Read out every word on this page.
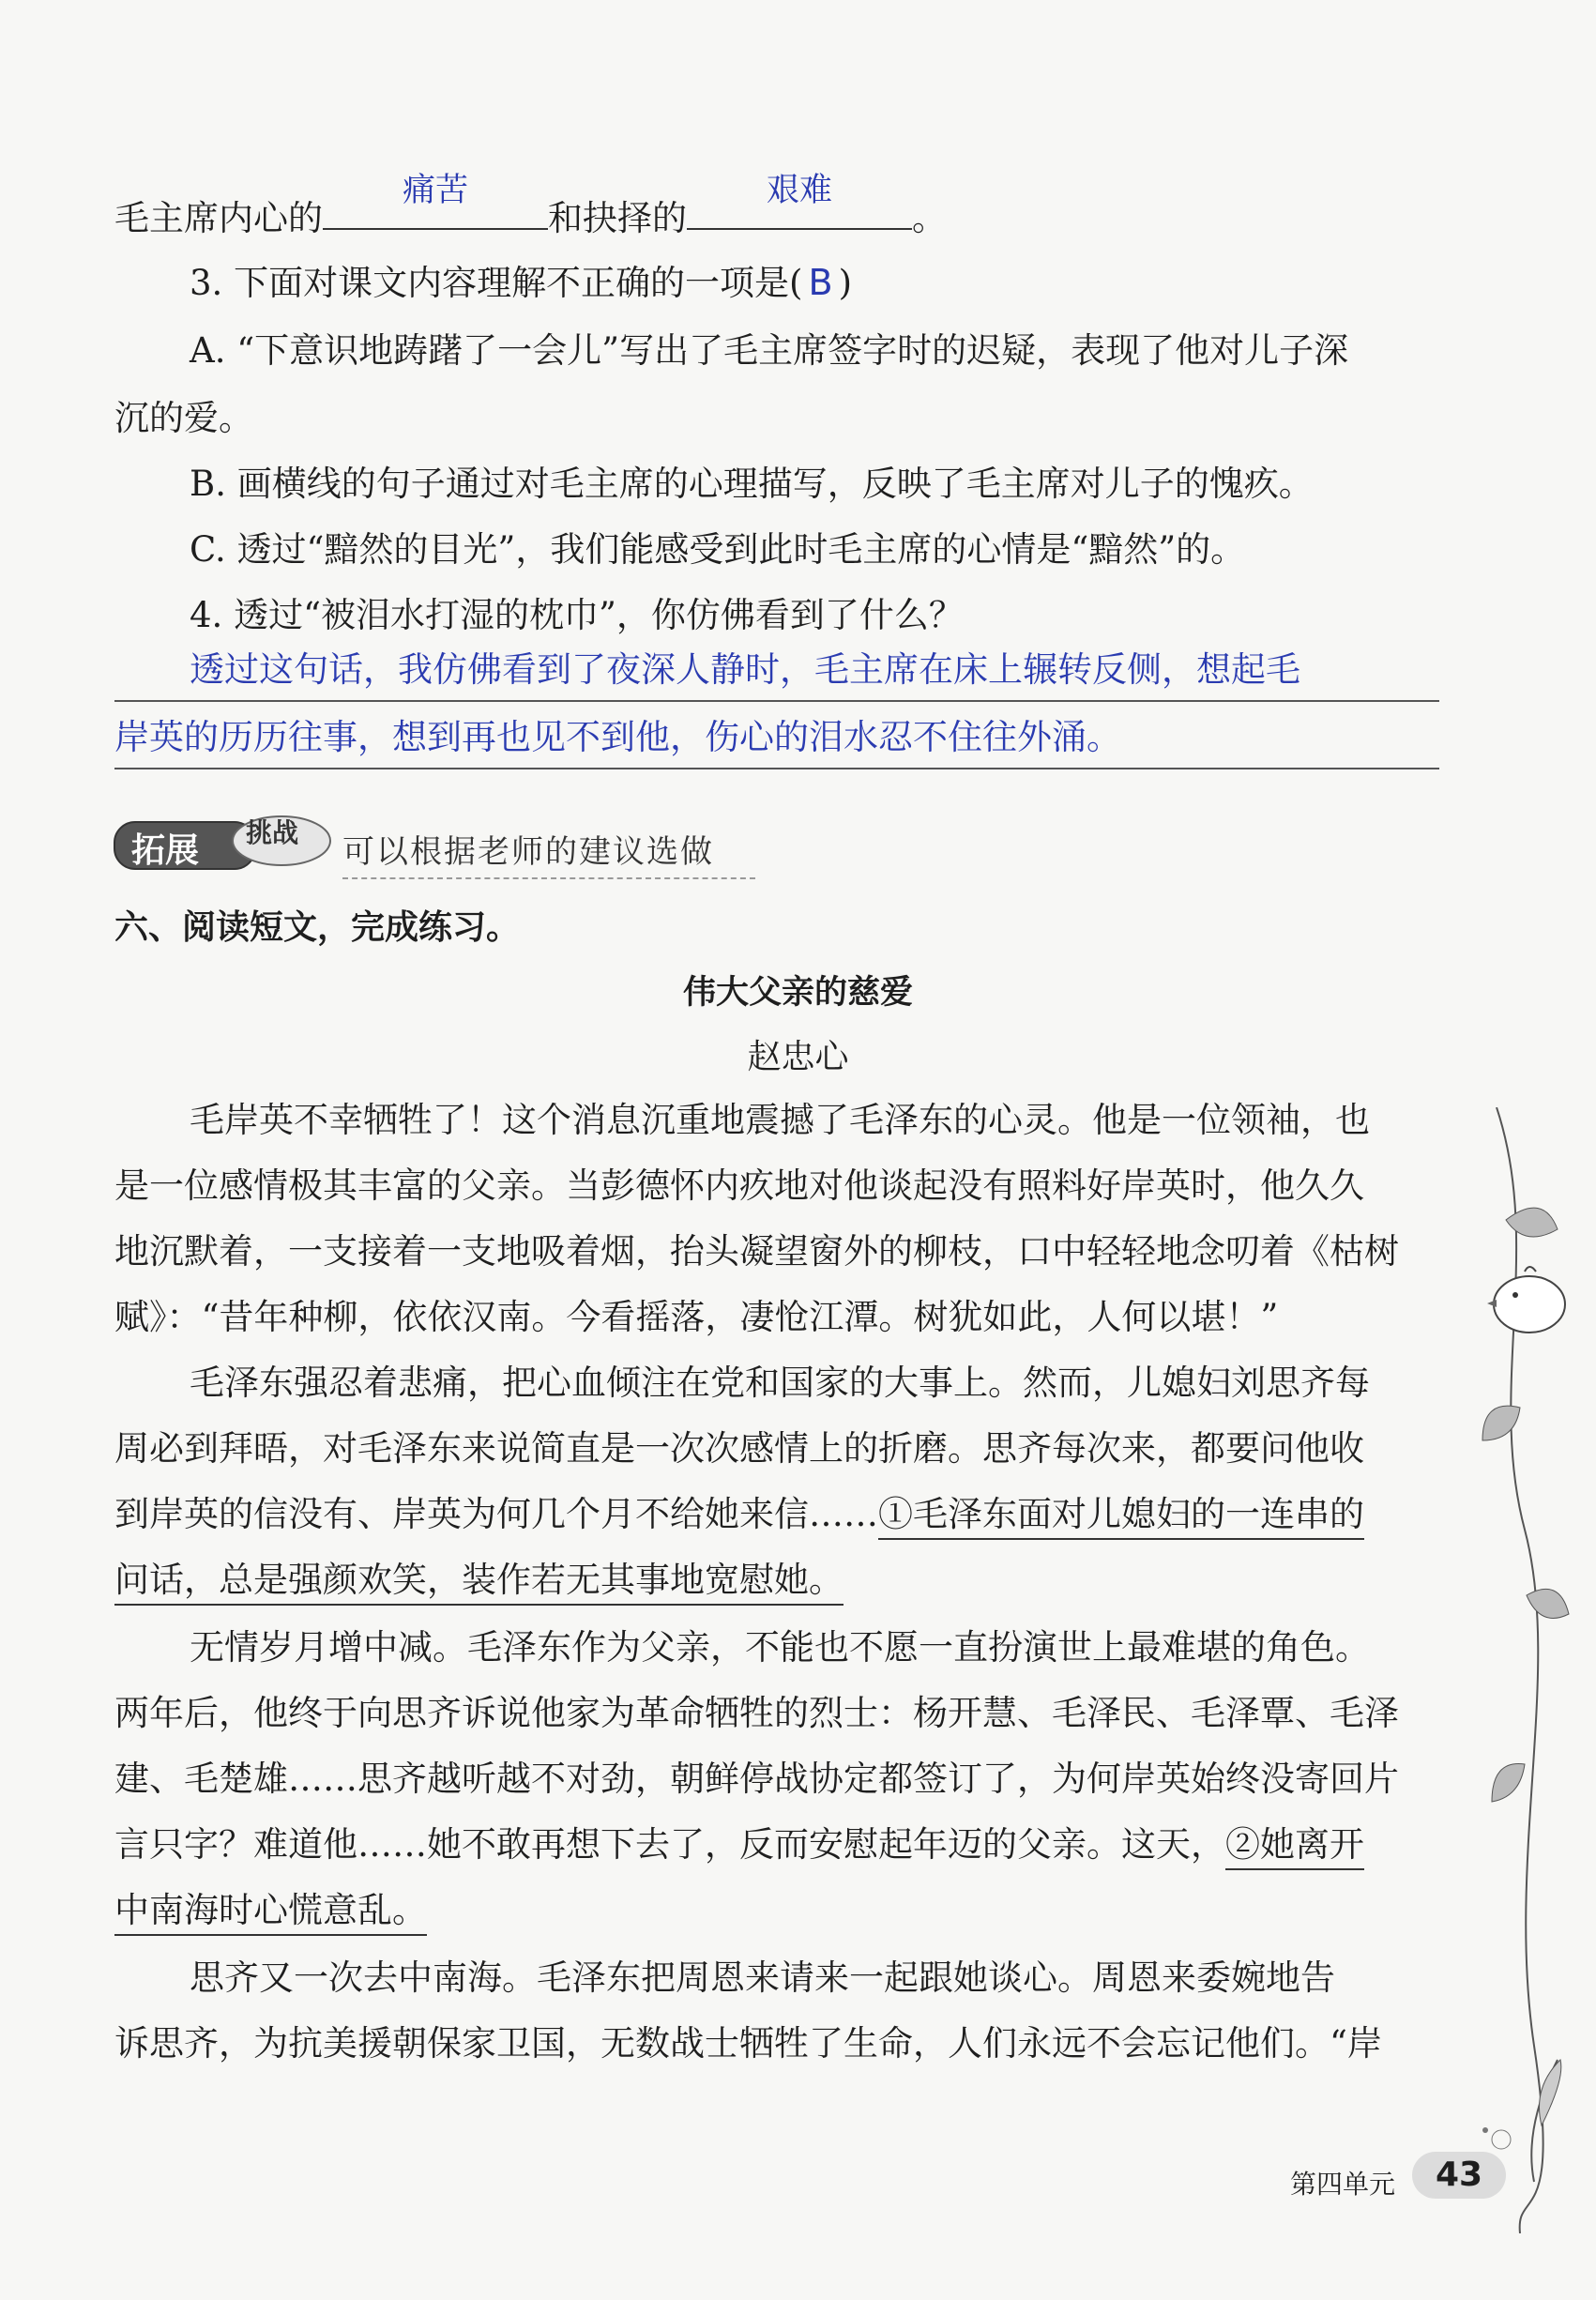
毛主席内心的
痛苦
和抉择的
艰难
。
3. 下面对课文内容理解不正确的一项是( B )
A. “下意识地踌躇了一会儿”写出了毛主席签字时的迟疑，表现了他对儿子深
沉的爱。
B. 画横线的句子通过对毛主席的心理描写，反映了毛主席对儿子的愧疚。
C. 透过“黯然的目光”，我们能感受到此时毛主席的心情是“黯然”的。
4. 透过“被泪水打湿的枕巾”，你仿佛看到了什么？
透过这句话，我仿佛看到了夜深人静时，毛主席在床上辗转反侧，想起毛
岸英的历历往事，想到再也见不到他，伤心的泪水忍不住往外涌。
拓展 挑战
可以根据老师的建议选做
六、阅读短文，完成练习。
伟大父亲的慈爱
赵忠心
毛岸英不幸牺牲了！这个消息沉重地震撼了毛泽东的心灵。他是一位领袖，也
是一位感情极其丰富的父亲。当彭德怀内疚地对他谈起没有照料好岸英时，他久久
地沉默着，一支接着一支地吸着烟，抬头凝望窗外的柳枝，口中轻轻地念叨着《枯树
赋》：“昔年种柳，依依汉南。今看摇落，凄怆江潭。树犹如此，人何以堪！”
毛泽东强忍着悲痛，把心血倾注在党和国家的大事上。然而，儿媳妇刘思齐每
周必到拜晤，对毛泽东来说简直是一次次感情上的折磨。思齐每次来，都要问他收
到岸英的信没有、岸英为何几个月不给她来信……①毛泽东面对儿媳妇的一连串的
问话，总是强颜欢笑，装作若无其事地宽慰她。
无情岁月增中减。毛泽东作为父亲，不能也不愿一直扮演世上最难堪的角色。
两年后，他终于向思齐诉说他家为革命牺牲的烈士：杨开慧、毛泽民、毛泽覃、毛泽
建、毛楚雄……思齐越听越不对劲，朝鲜停战协定都签订了，为何岸英始终没寄回片
言只字？难道他……她不敢再想下去了，反而安慰起年迈的父亲。这天，②她离开
中南海时心慌意乱。
思齐又一次去中南海。毛泽东把周恩来请来一起跟她谈心。周恩来委婉地告
诉思齐，为抗美援朝保家卫国，无数战士牺牲了生命，人们永远不会忘记他们。“岸
第四单元	43
